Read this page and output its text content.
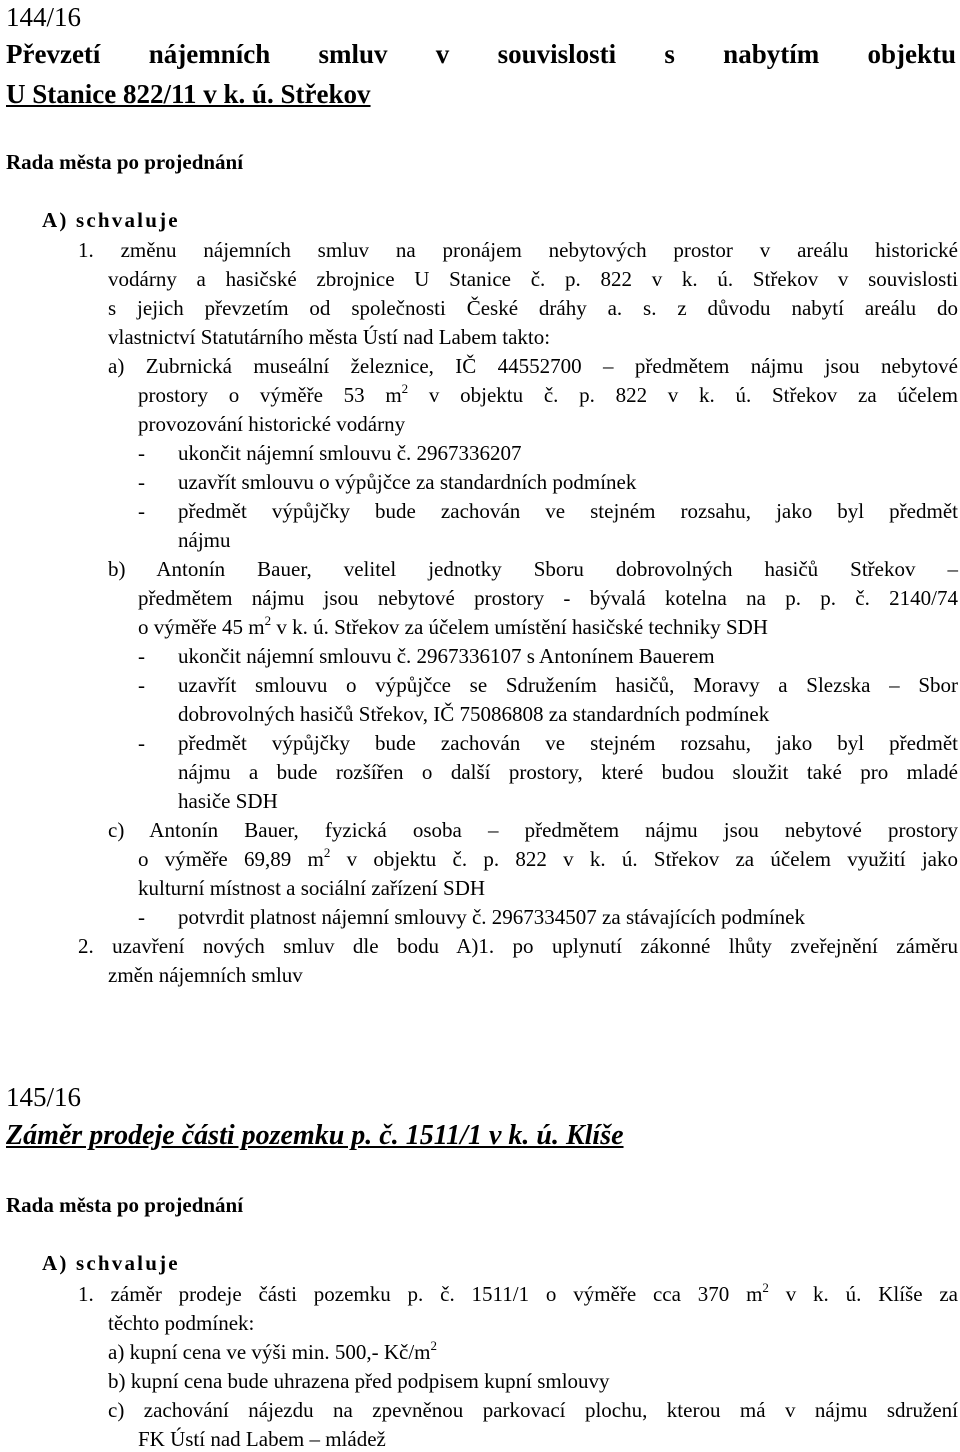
144/16
Převzetí nájemních smluv v souvislosti s nabytím objektu
U Stanice 822/11 v k. ú. Střekov
Rada města po projednání
A) schvaluje
1. změnu nájemních smluv na pronájem nebytových prostor v areálu historické
vodárny a hasičské zbrojnice U Stanice č. p. 822 v k. ú. Střekov v souvislosti
s jejich převzetím od společnosti České dráhy a. s. z důvodu nabytí areálu do
vlastnictví Statutárního města Ústí nad Labem takto:
a) Zubrnická museální železnice, IČ 44552700 – předmětem nájmu jsou nebytové
prostory o výměře 53 $m^2$ v objektu č. p. 822 v k. ú. Střekov za účelem
provozování historické vodárny
- ukončit nájemní smlouvu č. 2967336207
- uzavřít smlouvu o výpůjčce za standardních podmínek
- předmět výpůjčky bude zachován ve stejném rozsahu, jako byl předmět
nájmu
b) Antonín Bauer, velitel jednotky Sboru dobrovolných hasičů Střekov –
předmětem nájmu jsou nebytové prostory - bývalá kotelna na p. p. č. 2140/74
o výměře 45 $m^2$ v k. ú. Střekov za účelem umístění hasičské techniky SDH
- ukončit nájemní smlouvu č. 2967336107 s Antonínem Bauerem
- uzavřít smlouvu o výpůjčce se Sdružením hasičů, Moravy a Slezska – Sbor
dobrovolných hasičů Střekov, IČ 75086808 za standardních podmínek
- předmět výpůjčky bude zachován ve stejném rozsahu, jako byl předmět
nájmu a bude rozšířen o další prostory, které budou sloužit také pro mladé
hasiče SDH
c) Antonín Bauer, fyzická osoba – předmětem nájmu jsou nebytové prostory
o výměře 69,89 $m^2$ v objektu č. p. 822 v k. ú. Střekov za účelem využití jako
kulturní místnost a sociální zařízení SDH
- potvrdit platnost nájemní smlouvy č. 2967334507 za stávajících podmínek
2. uzavření nových smluv dle bodu A)1. po uplynutí zákonné lhůty zveřejnění záměru
změn nájemních smluv
145/16
Záměr prodeje části pozemku p. č. 1511/1 v k. ú. Klíše
Rada města po projednání
A) schvaluje
1. záměr prodeje části pozemku p. č. 1511/1 o výměře cca 370 $m^2$ v k. ú. Klíše za
těchto podmínek:
a) kupní cena ve výši min. 500,- $Kč/m^2$
b) kupní cena bude uhrazena před podpisem kupní smlouvy
c) zachování nájezdu na zpevněnou parkovací plochu, kterou má v nájmu sdružení
FK Ústí nad Labem – mládež
